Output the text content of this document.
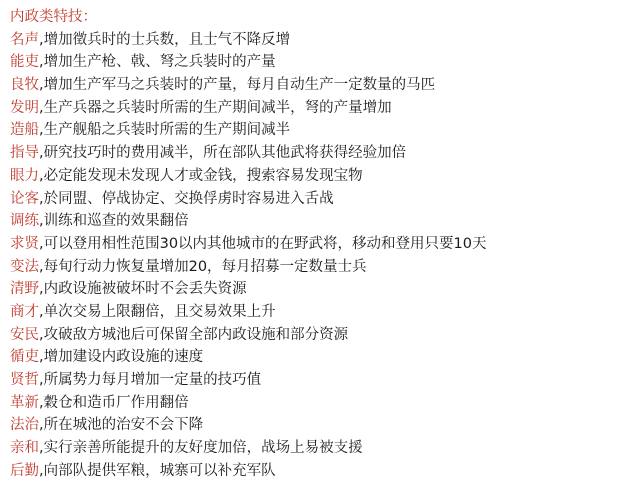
内政类特技：
名声,增加徵兵时的士兵数，且士气不降反增
能吏,增加生产枪、戟、弩之兵装时的产量
良牧,增加生产军马之兵装时的产量，每月自动生产一定数量的马匹
发明,生产兵器之兵装时所需的生产期间减半，弩的产量增加
造船,生产舰船之兵装时所需的生产期间减半
指导,研究技巧时的费用减半，所在部队其他武将获得经验加倍
眼力,必定能发现未发现人才或金钱，搜索容易发现宝物
论客,於同盟、停战协定、交换俘虏时容易进入舌战
调练,训练和巡查的效果翻倍
求贤,可以登用相性范围30以内其他城市的在野武将，移动和登用只要10天
变法,每旬行动力恢复量增加20，每月招募一定数量士兵
清野,内政设施被破坏时不会丢失资源
商才,单次交易上限翻倍，且交易效果上升
安民,攻破敌方城池后可保留全部内政设施和部分资源
循吏,增加建设内政设施的速度
贤哲,所属势力每月增加一定量的技巧值
革新,穀仓和造币厂作用翻倍
法治,所在城池的治安不会下降
亲和,实行亲善所能提升的友好度加倍，战场上易被支援
后勤,向部队提供军粮，城寨可以补充军队
